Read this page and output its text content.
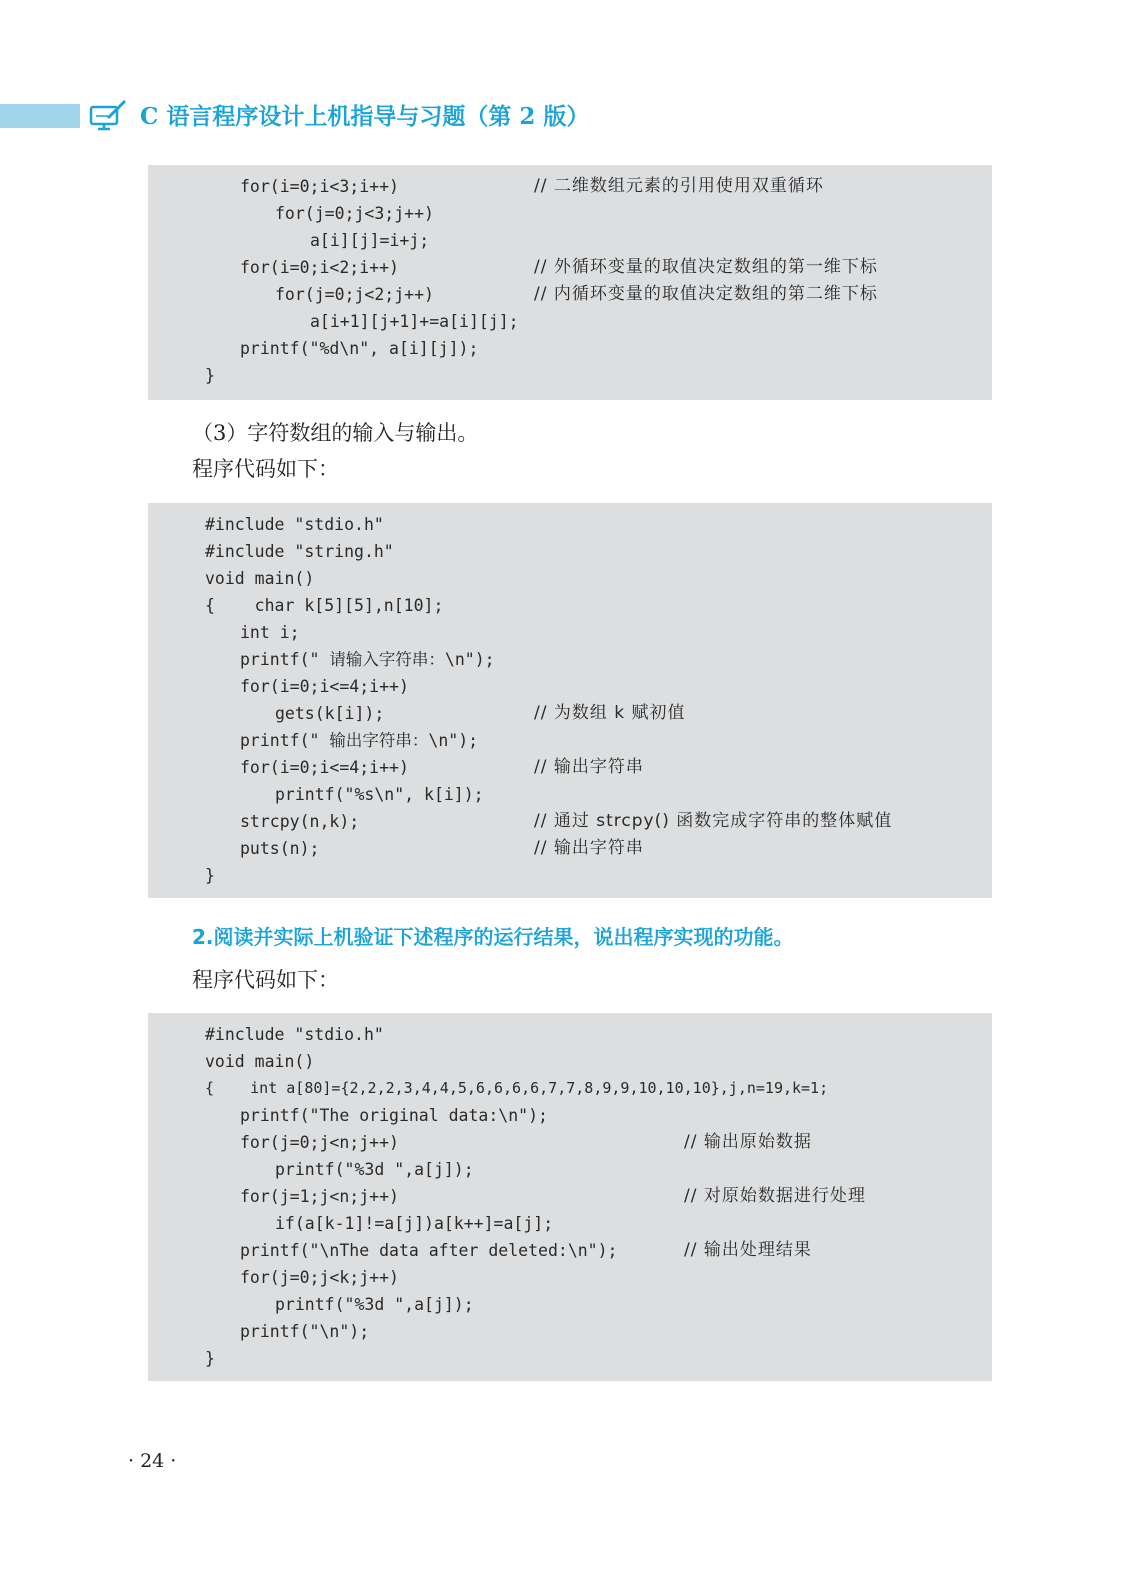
C 语言程序设计上机指导与习题（第 2 版）
for(i=0;i<3;i++)
for(j=0;j<3;j++)
a[i][j]=i+j;
for(i=0;i<2;i++)
for(j=0;j<2;j++)
a[i+1][j+1]+=a[i][j];
printf("%d\n", a[i][j]);
}
// 二维数组元素的引用使用双重循环
// 外循环变量的取值决定数组的第一维下标
// 内循环变量的取值决定数组的第二维下标
（3）字符数组的输入与输出。
程序代码如下：
#include "stdio.h"
#include "string.h"
void main()
{    char k[5][5],n[10];
int i;
printf(" 请输入字符串：\n");
for(i=0;i<=4;i++)
gets(k[i]);
printf(" 输出字符串：\n");
for(i=0;i<=4;i++)
printf("%s\n", k[i]);
strcpy(n,k);
puts(n);
}
// 为数组 k 赋初值
// 输出字符串
// 通过 strcpy() 函数完成字符串的整体赋值
// 输出字符串
2.阅读并实际上机验证下述程序的运行结果，说出程序实现的功能。
程序代码如下：
#include "stdio.h"
void main()
{    int a[80]={2,2,2,3,4,4,5,6,6,6,6,7,7,8,9,9,10,10,10},j,n=19,k=1;
printf("The original data:\n");
for(j=0;j<n;j++)
printf("%3d ",a[j]);
for(j=1;j<n;j++)
if(a[k-1]!=a[j])a[k++]=a[j];
printf("\nThe data after deleted:\n");
for(j=0;j<k;j++)
printf("%3d ",a[j]);
printf("\n");
}
// 输出原始数据
// 对原始数据进行处理
// 输出处理结果
· 24 ·
